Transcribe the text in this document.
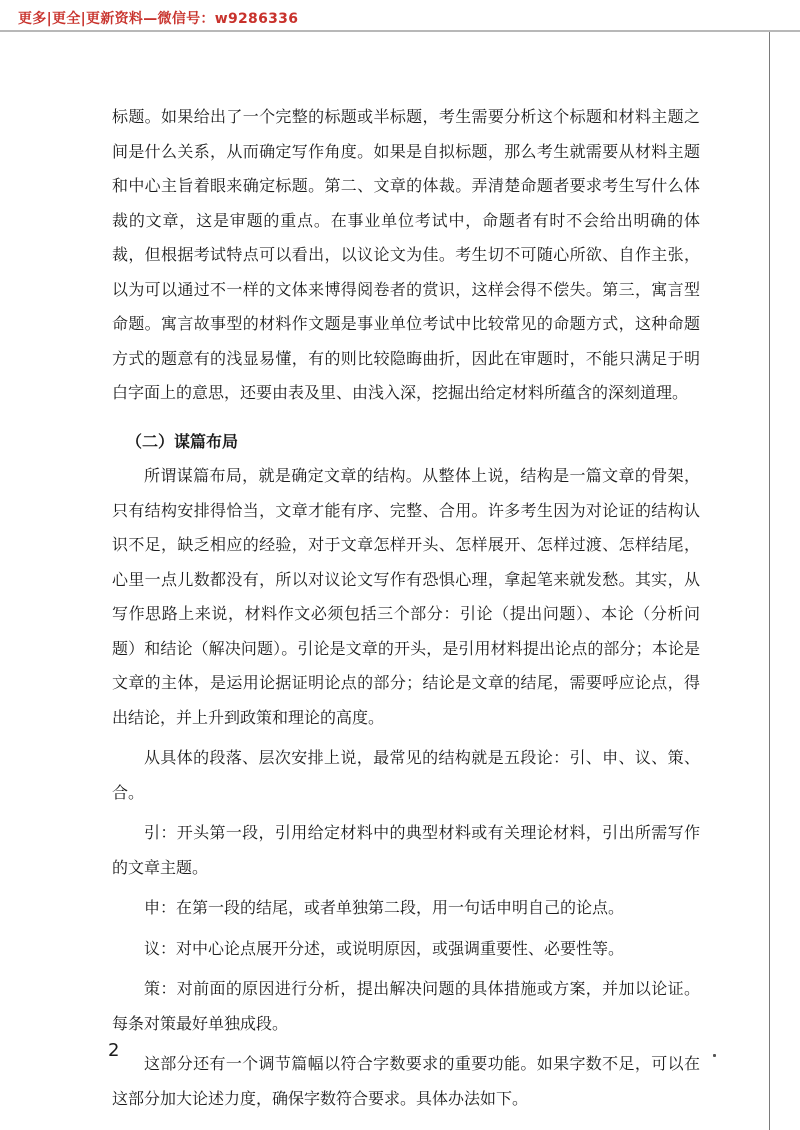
更多|更全|更新资料—微信号：w9286336

标题。如果给出了一个完整的标题或半标题，考生需要分析这个标题和材料主题之间是什么关系，从而确定写作角度。如果是自拟标题，那么考生就需要从材料主题和中心主旨着眼来确定标题。第二、文章的体裁。弄清楚命题者要求考生写什么体裁的文章，这是审题的重点。在事业单位考试中，命题者有时不会给出明确的体裁，但根据考试特点可以看出，以议论文为佳。考生切不可随心所欲、自作主张，以为可以通过不一样的文体来博得阅卷者的赏识，这样会得不偿失。第三，寓言型命题。寓言故事型的材料作文题是事业单位考试中比较常见的命题方式，这种命题方式的题意有的浅显易懂，有的则比较隐晦曲折，因此在审题时，不能只满足于明白字面上的意思，还要由表及里、由浅入深，挖掘出给定材料所蕴含的深刻道理。

（二）谋篇布局

所谓谋篇布局，就是确定文章的结构。从整体上说，结构是一篇文章的骨架，只有结构安排得恰当，文章才能有序、完整、合用。许多考生因为对论证的结构认识不足，缺乏相应的经验，对于文章怎样开头、怎样展开、怎样过渡、怎样结尾，心里一点儿数都没有，所以对议论文写作有恐惧心理，拿起笔来就发愁。其实，从写作思路上来说，材料作文必须包括三个部分：引论（提出问题）、本论（分析问题）和结论（解决问题）。引论是文章的开头，是引用材料提出论点的部分；本论是文章的主体，是运用论据证明论点的部分；结论是文章的结尾，需要呼应论点，得出结论，并上升到政策和理论的高度。

从具体的段落、层次安排上说，最常见的结构就是五段论：引、申、议、策、合。

引：开头第一段，引用给定材料中的典型材料或有关理论材料，引出所需写作的文章主题。

申：在第一段的结尾，或者单独第二段，用一句话申明自己的论点。

议：对中心论点展开分述，或说明原因，或强调重要性、必要性等。

策：对前面的原因进行分析，提出解决问题的具体措施或方案，并加以论证。每条对策最好单独成段。

这部分还有一个调节篇幅以符合字数要求的重要功能。如果字数不足，可以在这部分加大论述力度，确保字数符合要求。具体办法如下。

2
